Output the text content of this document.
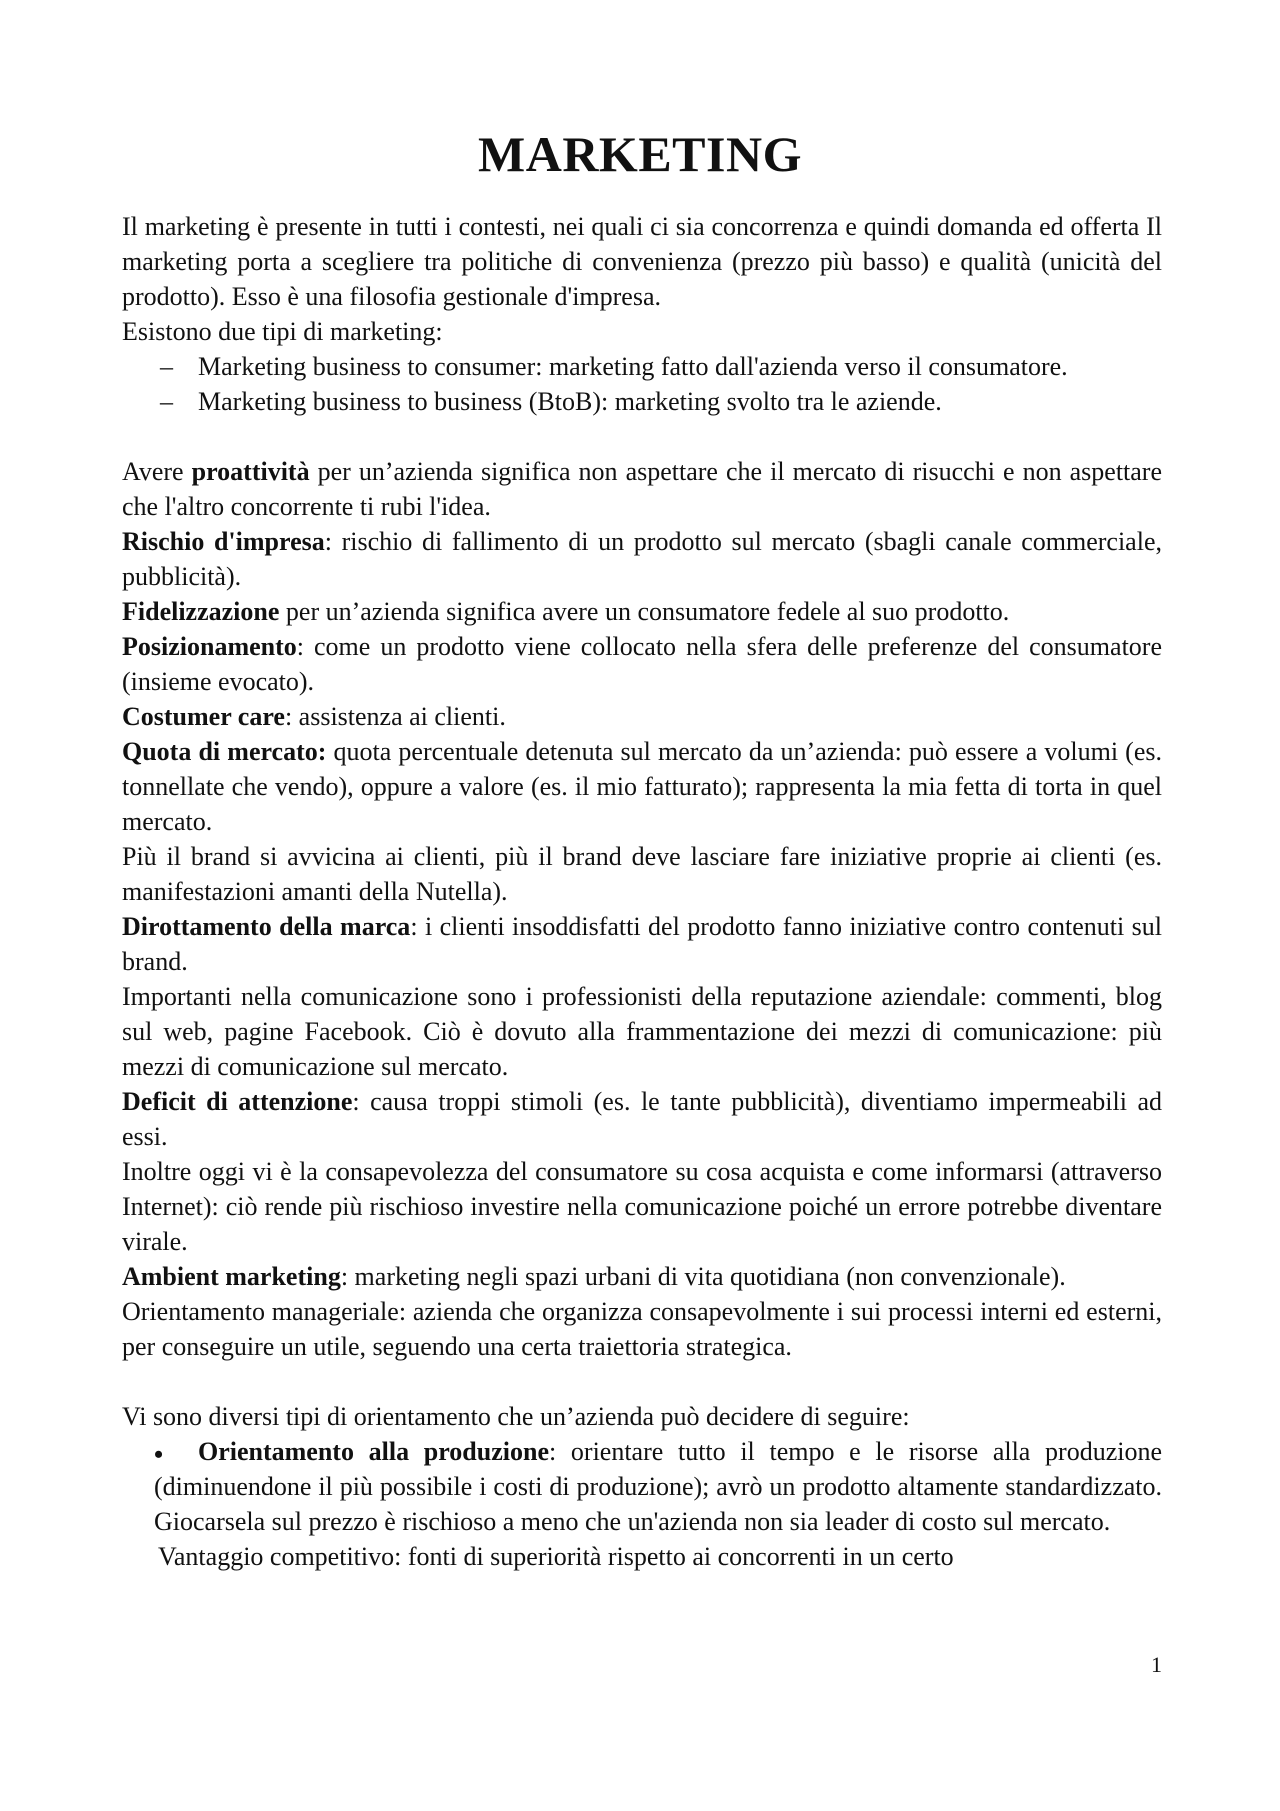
MARKETING

Il marketing è presente in tutti i contesti, nei quali ci sia concorrenza e quindi domanda ed offerta Il marketing porta a scegliere tra politiche di convenienza (prezzo più basso) e qualità (unicità del prodotto). Esso è una filosofia gestionale d'impresa.

Esistono due tipi di marketing:

– Marketing business to consumer: marketing fatto dall'azienda verso il consumatore.
– Marketing business to business (BtoB): marketing svolto tra le aziende.

Avere proattività per un’azienda significa non aspettare che il mercato di risucchi e non aspettare che l'altro concorrente ti rubi l'idea.

Rischio d'impresa: rischio di fallimento di un prodotto sul mercato (sbagli canale commerciale, pubblicità).

Fidelizzazione per un’azienda significa avere un consumatore fedele al suo prodotto.

Posizionamento: come un prodotto viene collocato nella sfera delle preferenze del consumatore (insieme evocato).

Costumer care: assistenza ai clienti.

Quota di mercato: quota percentuale detenuta sul mercato da un’azienda: può essere a volumi (es. tonnellate che vendo), oppure a valore (es. il mio fatturato); rappresenta la mia fetta di torta in quel mercato.

Più il brand si avvicina ai clienti, più il brand deve lasciare fare iniziative proprie ai clienti (es. manifestazioni amanti della Nutella).

Dirottamento della marca: i clienti insoddisfatti del prodotto fanno iniziative contro contenuti sul brand.

Importanti nella comunicazione sono i professionisti della reputazione aziendale: commenti, blog sul web, pagine Facebook. Ciò è dovuto alla frammentazione dei mezzi di comunicazione: più mezzi di comunicazione sul mercato.

Deficit di attenzione: causa troppi stimoli (es. le tante pubblicità), diventiamo impermeabili ad essi.

Inoltre oggi vi è la consapevolezza del consumatore su cosa acquista e come informarsi (attraverso Internet): ciò rende più rischioso investire nella comunicazione poiché un errore potrebbe diventare virale.

Ambient marketing: marketing negli spazi urbani di vita quotidiana (non convenzionale).

Orientamento manageriale: azienda che organizza consapevolmente i sui processi interni ed esterni, per conseguire un utile, seguendo una certa traiettoria strategica.

Vi sono diversi tipi di orientamento che un’azienda può decidere di seguire:

• Orientamento alla produzione: orientare tutto il tempo e le risorse alla produzione (diminuendone il più possibile i costi di produzione); avrò un prodotto altamente standardizzato. Giocarsela sul prezzo è rischioso a meno che un'azienda non sia leader di costo sul mercato.

Vantaggio competitivo: fonti di superiorità rispetto ai concorrenti in un certo

1
